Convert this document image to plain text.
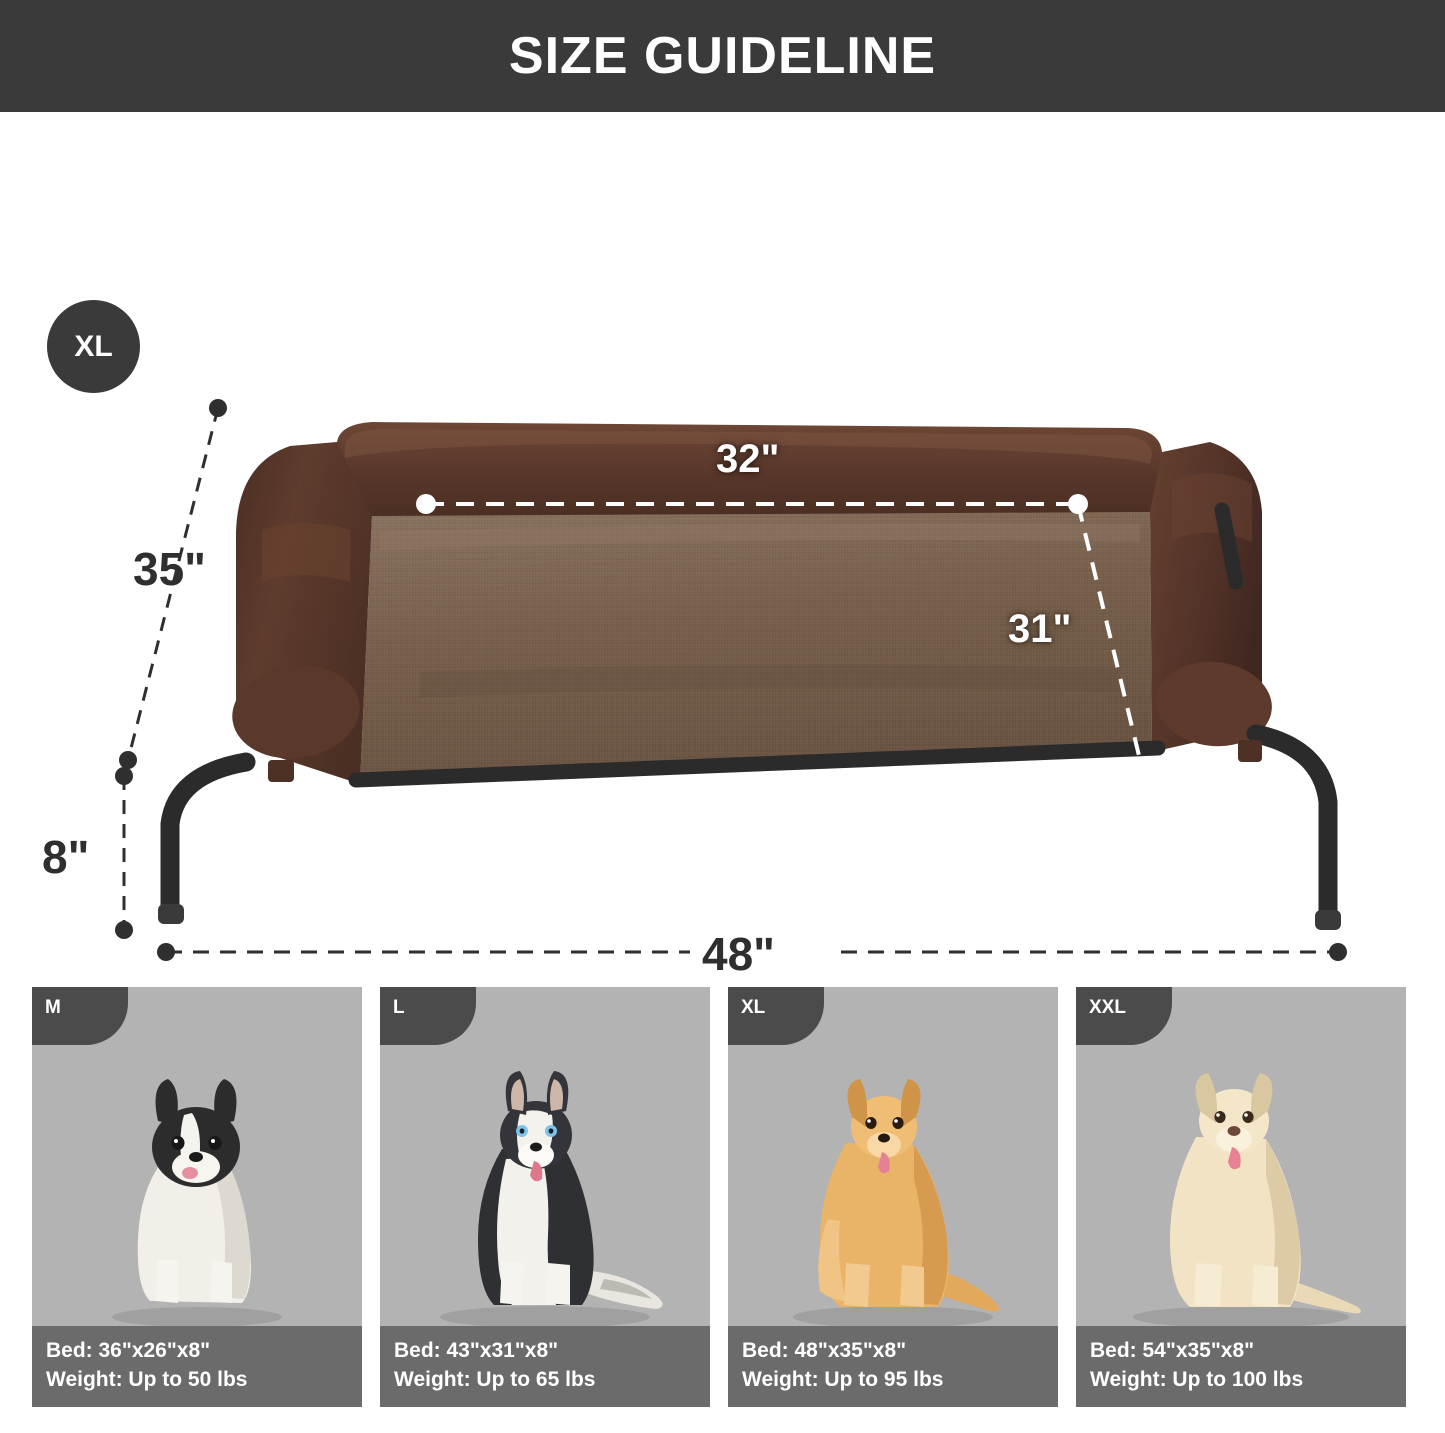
SIZE GUIDELINE
XL
32"
31"
35"
8"
48"
M
Bed: 36"x26"x8"
Weight: Up to 50 lbs
L
Bed: 43"x31"x8"
Weight: Up to 65 lbs
XL
Bed: 48"x35"x8"
Weight: Up to 95 lbs
XXL
Bed: 54"x35"x8"
Weight: Up to 100 lbs
